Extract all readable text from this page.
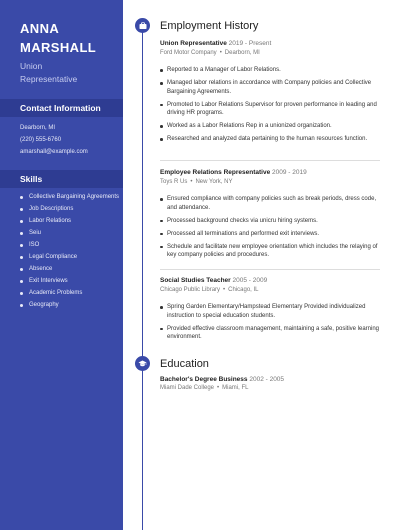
ANNA
MARSHALL
Union
Representative
Contact Information
Dearborn, MI
(220) 555-6760
amarshall@example.com
Skills
Collective Bargaining Agreements
Job Descriptions
Labor Relations
Seiu
ISO
Legal Compliance
Absence
Exit Interviews
Academic Problems
Geography
Employment History
Union Representative 2019 - Present
Ford Motor Company • Dearborn, MI
Reported to a Manager of Labor Relations.
Managed labor relations in accordance with Company policies and Collective Bargaining Agreements.
Promoted to Labor Relations Supervisor for proven performance in leading and driving HR programs.
Worked as a Labor Relations Rep in a unionized organization.
Researched and analyzed data pertaining to the human resources function.
Employee Relations Representative 2009 - 2019
Toys R Us • New York, NY
Ensured compliance with company policies such as break periods, dress code, and attendance.
Processed background checks via unicru hiring systems.
Processed all terminations and performed exit interviews.
Schedule and facilitate new employee orientation which includes the relaying of key company policies and procedures.
Social Studies Teacher 2005 - 2009
Chicago Public Library • Chicago, IL
Spring Garden Elementary/Hampstead Elementary Provided individualized instruction to special education students.
Provided effective classroom management, maintaining a safe, positive learning environment.
Education
Bachelor's Degree Business 2002 - 2005
Miami Dade College • Miami, FL
